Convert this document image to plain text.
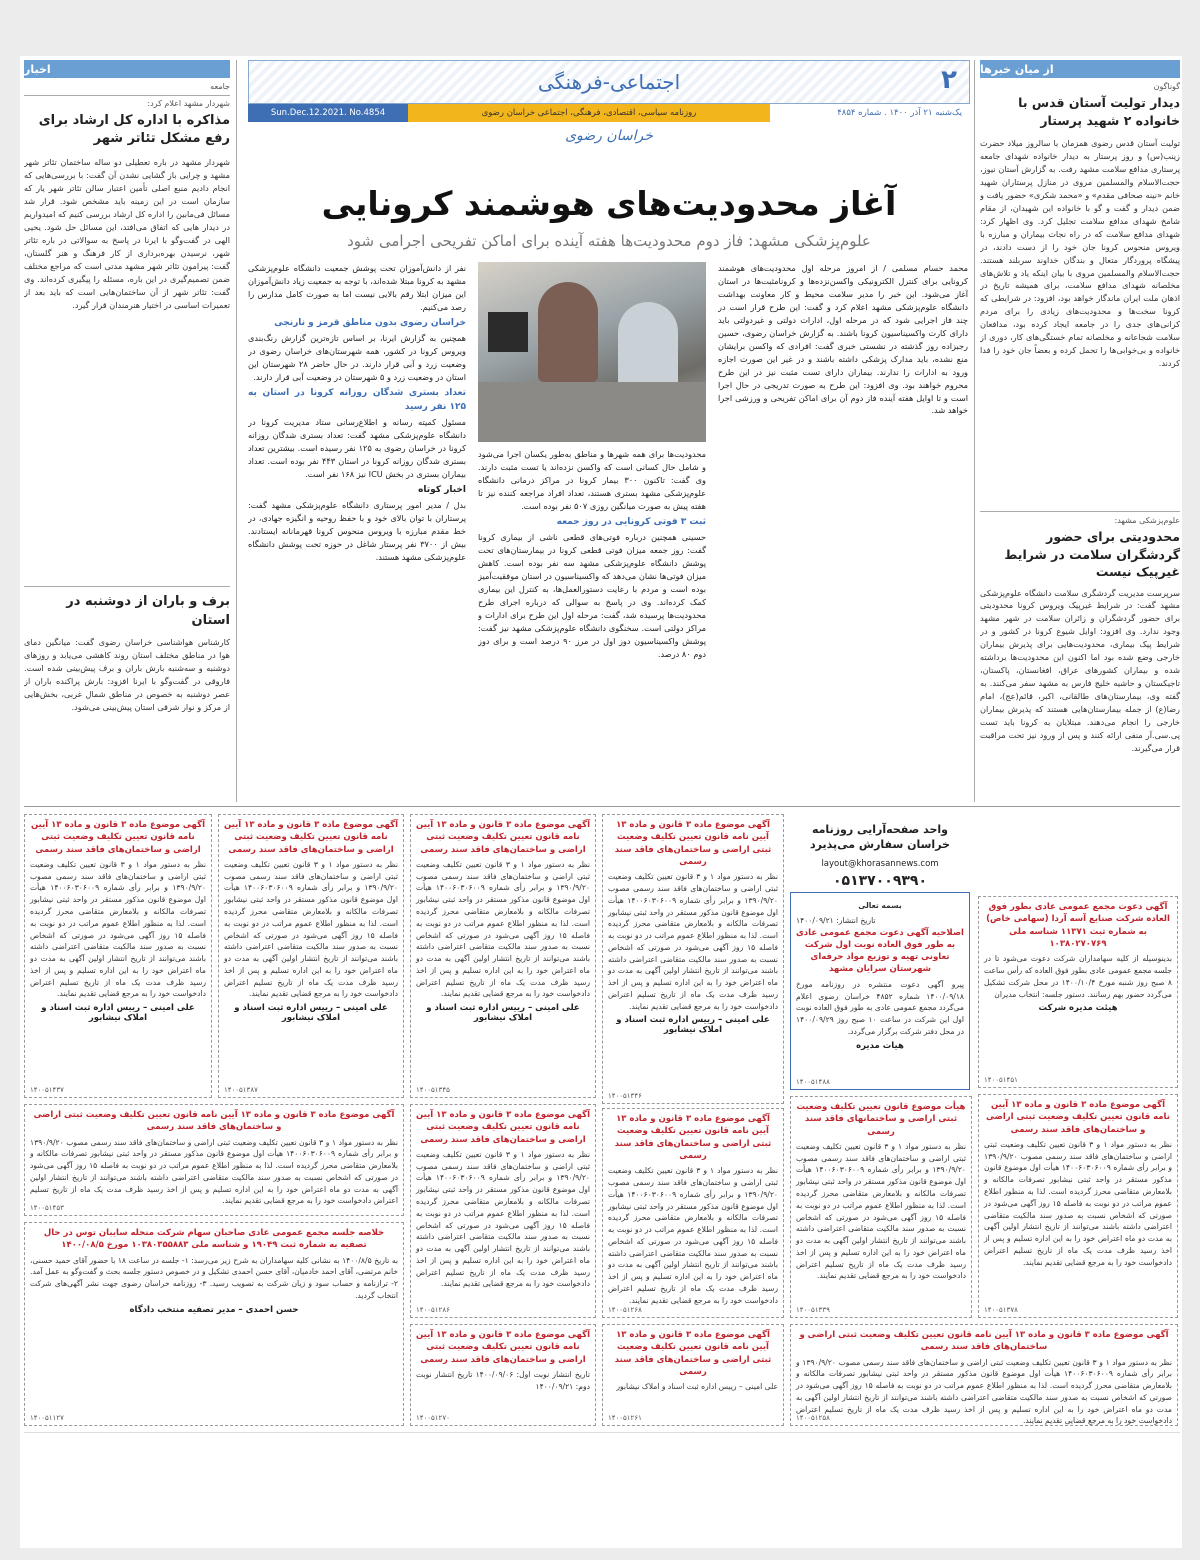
از میان خبرها
گوناگون
دیدار تولیت آستان قدس با خانواده ۲ شهید پرستار
تولیت آستان قدس رضوی همزمان با سالروز میلاد حضرت زینب(س) و روز پرستار به دیدار خانواده شهدای جامعه پرستاری مدافع سلامت مشهد رفت. به گزارش آستان نیوز، حجت‌الاسلام والمسلمین مروی در منازل پرستاران شهید خانم «نینه صحافی مقدم» و «محمد شکری» حضور یافت و ضمن دیدار و گفت و گو با خانواده این شهیدان، از مقام شامخ شهدای مدافع سلامت تجلیل کرد. وی اظهار کرد: شهدای مدافع سلامت که در راه نجات بیماران و مبارزه با ویروس منحوس کرونا جان خود را از دست دادند، در پیشگاه پروردگار متعال و بندگان خداوند سربلند هستند. حجت‌الاسلام والمسلمین مروی با بیان اینکه یاد و تلاش‌های مخلصانه شهدای مدافع سلامت، برای همیشه تاریخ در اذهان ملت ایران ماندگار خواهد بود، افزود: در شرایطی که کرونا سخت‌ها و محدودیت‌های زیادی را برای مردم کرانی‌های جدی را در جامعه ایجاد کرده بود، مدافعان سلامت شجاعانه و مخلصانه تمام خستگی‌های کار، دوری از خانواده و بی‌خوابی‌ها را تحمل کرده و بعضاً جان خود را فدا کردند.
علوم‌پزشکی مشهد:
محدودیتی برای حضور گردشگران سلامت در شرایط غیرپیک نیست
سرپرست مدیریت گردشگری سلامت دانشگاه علوم‌پزشکی مشهد گفت: در شرایط غیرپیک ویروس کرونا محدودیتی برای حضور گردشگران و زائران سلامت در شهر مشهد وجود ندارد. وی افزود: اوایل شیوع کرونا در کشور و در شرایط پیک بیماری، محدودیت‌هایی برای پذیرش بیماران خارجی وضع شده بود اما اکنون این محدودیت‌ها برداشته شده و بیماران کشورهای عراق، افغانستان، پاکستان، تاجیکستان و حاشیه خلیج فارس به مشهد سفر می‌کنند. به گفته وی، بیمارستان‌های طالقانی، اکبر، قائم(عج)، امام رضا(ع) از جمله بیمارستان‌هایی هستند که پذیرش بیماران خارجی را انجام می‌دهند. مبتلایان به کرونا باید تست پی.سی.آر منفی ارائه کنند و پس از ورود نیز تحت مراقبت قرار می‌گیرند.
۲
اجتماعی-فرهنگی
یک‌شنبه ۲۱ آذر ۱۴۰۰ . شماره ۴۸۵۴
روزنامه سیاسی، اقتصادی، فرهنگی، اجتماعی خراسان رضوی
Sun.Dec.12.2021. No.4854
خراسان رضوی
آغاز محدودیت‌های هوشمند کرونایی
علوم‌پزشکی مشهد: فاز دوم محدودیت‌ها هفته آینده برای اماکن تفریحی اجرامی شود
محمد حسام مسلمی / از امروز مرحله اول محدودیت‌های هوشمند کرونایی برای کنترل الکترونیکی واکسن‌نزده‌ها و کرونامثبت‌ها در استان آغاز می‌شود. این خبر را مدیر سلامت محیط و کار معاونت بهداشت دانشگاه علوم‌پزشکی مشهد اعلام کرد و گفت: این طرح قرار است در چند فاز اجرایی شود که در مرحله اول، ادارات دولتی و غیردولتی باید دارای کارت واکسیناسیون کرونا باشند. به گزارش خراسان رضوی، حسین رجبزاده روز گذشته در نشستی خبری گفت: افرادی که واکسن برایشان منع نشده، باید مدارک پزشکی داشته باشند و در غیر این صورت اجازه ورود به ادارات را ندارند. بیماران دارای تست مثبت نیز در این طرح محروم خواهند بود. وی افزود: این طرح به صورت تدریجی در حال اجرا است و تا اوایل هفته آینده فاز دوم آن برای اماکن تفریحی و ورزشی اجرا خواهد شد.
محدودیت‌ها برای همه شهرها و مناطق به‌طور یکسان اجرا می‌شود و شامل حال کسانی است که واکسن نزده‌اند یا تست مثبت دارند. وی گفت: تاکنون ۳۰۰ بیمار کرونا در مراکز درمانی دانشگاه علوم‌پزشکی مشهد بستری هستند، تعداد افراد مراجعه کننده نیز تا هفته پیش به صورت میانگین روزی ۵۰۷ نفر بوده است.
ثبت ۳ فوتی کرونایی در روز جمعه
حسینی همچنین درباره فوتی‌های قطعی ناشی از بیماری کرونا گفت: روز جمعه میزان فوتی قطعی کرونا در بیمارستان‌های تحت پوشش دانشگاه علوم‌پزشکی مشهد سه نفر بوده است. کاهش میزان فوتی‌ها نشان می‌دهد که واکسیناسیون در استان موفقیت‌آمیز بوده است و مردم با رعایت دستورالعمل‌ها، به کنترل این بیماری کمک کرده‌اند. وی در پاسخ به سوالی که درباره اجرای طرح محدودیت‌ها پرسیده شد، گفت: مرحله اول این طرح برای ادارات و مراکز دولتی است. سخنگوی دانشگاه علوم‌پزشکی مشهد نیز گفت: پوشش واکسیناسیون دوز اول در مرز ۹۰ درصد است و برای دوز دوم ۸۰ درصد.
نفر از دانش‌آموزان تحت پوشش جمعیت دانشگاه علوم‌پزشکی مشهد به کرونا مبتلا شده‌اند، با توجه به جمعیت زیاد دانش‌آموزان این میزان ابتلا رقم بالایی نیست اما به صورت کامل مدارس را رصد می‌کنیم.
خراسان رضوی بدون مناطق قرمز و نارنجی
همچنین به گزارش ایرنا، بر اساس تازه‌ترین گزارش رنگ‌بندی ویروس کرونا در کشور، همه شهرستان‌های خراسان رضوی در وضعیت زرد و آبی قرار دارند. در حال حاضر ۲۸ شهرستان این استان در وضعیت زرد و ۵ شهرستان در وضعیت آبی قرار دارند.
تعداد بستری شدگان روزانه کرونا در استان به ۱۲۵ نفر رسید
مسئول کمیته رسانه و اطلاع‌رسانی ستاد مدیریت کرونا در دانشگاه علوم‌پزشکی مشهد گفت: تعداد بستری شدگان روزانه کرونا در خراسان رضوی به ۱۲۵ نفر رسیده است. بیشترین تعداد بستری شدگان روزانه کرونا در استان ۴۴۳ نفر بوده است. تعداد بیماران بستری در بخش ICU نیز ۱۶۸ نفر است.
اخبار کوتاه
بدل / مدیر امور پرستاری دانشگاه علوم‌پزشکی مشهد گفت: پرستاران با توان بالای خود و با حفظ روحیه و انگیزه جهادی، در خط مقدم مبارزه با ویروس منحوس کرونا قهرمانانه ایستادند. بیش از ۳۷۰۰ نفر پرستار شاغل در حوزه تحت پوشش دانشگاه علوم‌پزشکی مشهد هستند.
اخبار
جامعه
شهردار مشهد اعلام کرد:
مذاکره با اداره کل ارشاد برای رفع مشکل تئاتر شهر
شهردار مشهد در باره تعطیلی دو ساله ساختمان تئاتر شهر مشهد و چرایی باز گشایی نشدن آن گفت: با بررسی‌هایی که انجام دادیم منبع اصلی تأمین اعتبار سالن تئاتر شهر یار که سازمان است در این زمینه باید مشخص شود. قرار شد مسائل فی‌مابین را اداره کل ارشاد بررسی کنیم که امیدواریم در دیدار هایی که اتفاق می‌افتد، این مسائل حل شود. یحیی الهی در گفت‌وگو با ایرنا در پاسخ به سوالاتی در باره تئاتر شهر، نرسیدن بهره‌برداری از کار فرهنگ و هنر گلستان، گفت: پیرامون تئاتر شهر مشهد مدتی است که مراجع مختلف ضمن تصمیم‌گیری در این باره، مسئله را پیگیری کرده‌اند. وی گفت: تئاتر شهر از آن ساختمان‌هایی است که باید بعد از تعمیرات اساسی در اختیار هنرمندان قرار گیرد.
برف و باران از دوشنبه در استان
کارشناس هواشناسی خراسان رضوی گفت: میانگین دمای هوا در مناطق مختلف استان روند کاهشی می‌یابد و روزهای دوشنبه و سه‌شنبه بارش باران و برف پیش‌بینی شده است. فاروقی در گفت‌وگو با ایرنا افزود: بارش پراکنده باران از عصر دوشنبه به خصوص در مناطق شمال غربی، بخش‌هایی از مرکز و نوار شرقی استان پیش‌بینی می‌شود.
واحد صفحه‌آرایی روزنامه خراسان سفارش می‌پذیرد
layout@khorasannews.com
۰۵۱۳۷۰۰۹۳۹۰
آگهی موضوع ماده ۳ قانون و ماده ۱۳ آیین نامه قانون تعیین تکلیف وضعیت ثبتی اراضی و ساختمان‌های فاقد سند رسمی
نظر به دستور مواد ۱ و ۳ قانون تعیین تکلیف وضعیت ثبتی اراضی و ساختمان‌های فاقد سند رسمی مصوب ۱۳۹۰/۹/۲۰ و برابر رأی شماره ۱۴۰۰۶۰۳۰۶۰۰۹ هیأت اول موضوع قانون مذکور مستقر در واحد ثبتی نیشابور تصرفات مالکانه و بلامعارض متقاضی محرز گردیده است. لذا به منظور اطلاع عموم مراتب در دو نوبت به فاصله ۱۵ روز آگهی می‌شود در صورتی که اشخاص نسبت به صدور سند مالکیت متقاضی اعتراضی داشته باشند می‌توانند از تاریخ انتشار اولین آگهی به مدت دو ماه اعتراض خود را به این اداره تسلیم و پس از اخذ رسید ظرف مدت یک ماه از تاریخ تسلیم اعتراض دادخواست خود را به مرجع قضایی تقدیم نمایند.
علی امینی – رییس اداره ثبت اسناد و املاک نیشابور
۱۴۰۰۵۱۴۳۷
آگهی موضوع ماده ۳ قانون و ماده ۱۳ آیین نامه قانون تعیین تکلیف وضعیت ثبتی اراضی و ساختمان‌های فاقد سند رسمی
نظر به دستور مواد ۱ و ۳ قانون تعیین تکلیف وضعیت ثبتی اراضی و ساختمان‌های فاقد سند رسمی مصوب ۱۳۹۰/۹/۲۰ و برابر رأی شماره ۱۴۰۰۶۰۳۰۶۰۰۹ هیأت اول موضوع قانون مذکور مستقر در واحد ثبتی نیشابور تصرفات مالکانه و بلامعارض متقاضی محرز گردیده است. لذا به منظور اطلاع عموم مراتب در دو نوبت به فاصله ۱۵ روز آگهی می‌شود در صورتی که اشخاص نسبت به صدور سند مالکیت متقاضی اعتراضی داشته باشند می‌توانند از تاریخ انتشار اولین آگهی به مدت دو ماه اعتراض خود را به این اداره تسلیم و پس از اخذ رسید ظرف مدت یک ماه از تاریخ تسلیم اعتراض دادخواست خود را به مرجع قضایی تقدیم نمایند.
علی امینی – رییس اداره ثبت اسناد و املاک نیشابور
۱۴۰۰۵۱۳۸۷
آگهی موضوع ماده ۳ قانون و ماده ۱۳ آیین نامه قانون تعیین تکلیف وضعیت ثبتی اراضی و ساختمان‌های فاقد سند رسمی
نظر به دستور مواد ۱ و ۳ قانون تعیین تکلیف وضعیت ثبتی اراضی و ساختمان‌های فاقد سند رسمی مصوب ۱۳۹۰/۹/۲۰ و برابر رأی شماره ۱۴۰۰۶۰۳۰۶۰۰۹ هیأت اول موضوع قانون مذکور مستقر در واحد ثبتی نیشابور تصرفات مالکانه و بلامعارض متقاضی محرز گردیده است. لذا به منظور اطلاع عموم مراتب در دو نوبت به فاصله ۱۵ روز آگهی می‌شود در صورتی که اشخاص نسبت به صدور سند مالکیت متقاضی اعتراضی داشته باشند می‌توانند از تاریخ انتشار اولین آگهی به مدت دو ماه اعتراض خود را به این اداره تسلیم و پس از اخذ رسید ظرف مدت یک ماه از تاریخ تسلیم اعتراض دادخواست خود را به مرجع قضایی تقدیم نمایند.
علی امینی – رییس اداره ثبت اسناد و املاک نیشابور
۱۴۰۰۵۱۳۴۵
آگهی موضوع ماده ۳ قانون و ماده ۱۳ آیین نامه قانون تعیین تکلیف وضعیت ثبتی اراضی و ساختمان‌های فاقد سند رسمی
نظر به دستور مواد ۱ و ۳ قانون تعیین تکلیف وضعیت ثبتی اراضی و ساختمان‌های فاقد سند رسمی مصوب ۱۳۹۰/۹/۲۰ و برابر رأی شماره ۱۴۰۰۶۰۳۰۶۰۰۹ هیأت اول موضوع قانون مذکور مستقر در واحد ثبتی نیشابور تصرفات مالکانه و بلامعارض متقاضی محرز گردیده است. لذا به منظور اطلاع عموم مراتب در دو نوبت به فاصله ۱۵ روز آگهی می‌شود در صورتی که اشخاص نسبت به صدور سند مالکیت متقاضی اعتراضی داشته باشند می‌توانند از تاریخ انتشار اولین آگهی به مدت دو ماه اعتراض خود را به این اداره تسلیم و پس از اخذ رسید ظرف مدت یک ماه از تاریخ تسلیم اعتراض دادخواست خود را به مرجع قضایی تقدیم نمایند.
علی امینی – رییس اداره ثبت اسناد و املاک نیشابور
۱۴۰۰۵۱۳۴۶
بسمه تعالی
تاریخ انتشار: ۱۴۰۰/۰۹/۲۱
اصلاحیه آگهی دعوت مجمع عمومی عادی به طور فوق العاده نوبت اول شرکت تعاونی تهیه و توزیع مواد حرفه‌ای شهرستان سرایان مشهد
پیرو آگهی دعوت منتشره در روزنامه مورخ ۱۴۰۰/۰۹/۱۸ شماره ۴۸۵۲ خراسان رضوی اعلام می‌گردد مجمع عمومی عادی به طور فوق العاده نوبت اول این شرکت در ساعت ۱۰ صبح روز ۱۴۰۰/۰۹/۲۹ در محل دفتر شرکت برگزار می‌گردد.
هیات مدیره
۱۴۰۰۵۱۴۸۸
آگهی دعوت مجمع عمومی عادی بطور فوق العاده شرکت صنایع آسه آردا (سهامی خاص) به شماره ثبت ۱۱۳۷۱ شناسه ملی ۱۰۳۸۰۲۷۰۷۶۹
بدینوسیله از کلیه سهامداران شرکت دعوت می‌شود تا در جلسه مجمع عمومی عادی بطور فوق العاده که رأس ساعت ۸ صبح روز شنبه مورخ ۱۴۰۰/۱۰/۴ در محل شرکت تشکیل می‌گردد حضور بهم رسانند. دستور جلسه: انتخاب مدیران
هیئت مدیره شرکت
۱۴۰۰۵۱۴۵۱
آگهی موضوع ماده ۳ قانون و ماده ۱۳ آیین نامه قانون تعیین تکلیف وضعیت ثبتی اراضی و ساختمان‌های فاقد سند رسمی
نظر به دستور مواد ۱ و ۳ قانون تعیین تکلیف وضعیت ثبتی اراضی و ساختمان‌های فاقد سند رسمی مصوب ۱۳۹۰/۹/۲۰ و برابر رأی شماره ۱۴۰۰۶۰۳۰۶۰۰۹ هیأت اول موضوع قانون مذکور مستقر در واحد ثبتی نیشابور تصرفات مالکانه و بلامعارض متقاضی محرز گردیده است. لذا به منظور اطلاع عموم مراتب در دو نوبت به فاصله ۱۵ روز آگهی می‌شود در صورتی که اشخاص نسبت به صدور سند مالکیت متقاضی اعتراضی داشته باشند می‌توانند از تاریخ انتشار اولین آگهی به مدت دو ماه اعتراض خود را به این اداره تسلیم و پس از اخذ رسید ظرف مدت یک ماه از تاریخ تسلیم اعتراض دادخواست خود را به مرجع قضایی تقدیم نمایند.
۱۴۰۰۵۱۳۷۸
هیأت موضوع قانون تعیین تکلیف وضعیت ثبتی اراضی و ساختمانهای فاقد سند رسمی
نظر به دستور مواد ۱ و ۳ قانون تعیین تکلیف وضعیت ثبتی اراضی و ساختمان‌های فاقد سند رسمی مصوب ۱۳۹۰/۹/۲۰ و برابر رأی شماره ۱۴۰۰۶۰۳۰۶۰۰۹ هیأت اول موضوع قانون مذکور مستقر در واحد ثبتی نیشابور تصرفات مالکانه و بلامعارض متقاضی محرز گردیده است. لذا به منظور اطلاع عموم مراتب در دو نوبت به فاصله ۱۵ روز آگهی می‌شود در صورتی که اشخاص نسبت به صدور سند مالکیت متقاضی اعتراضی داشته باشند می‌توانند از تاریخ انتشار اولین آگهی به مدت دو ماه اعتراض خود را به این اداره تسلیم و پس از اخذ رسید ظرف مدت یک ماه از تاریخ تسلیم اعتراض دادخواست خود را به مرجع قضایی تقدیم نمایند.
۱۴۰۰۵۱۳۳۹
آگهی موضوع ماده ۳ قانون و ماده ۱۳ آیین نامه قانون تعیین تکلیف وضعیت ثبتی اراضی و ساختمان‌های فاقد سند رسمی
نظر به دستور مواد ۱ و ۳ قانون تعیین تکلیف وضعیت ثبتی اراضی و ساختمان‌های فاقد سند رسمی مصوب ۱۳۹۰/۹/۲۰ و برابر رأی شماره ۱۴۰۰۶۰۳۰۶۰۰۹ هیأت اول موضوع قانون مذکور مستقر در واحد ثبتی نیشابور تصرفات مالکانه و بلامعارض متقاضی محرز گردیده است. لذا به منظور اطلاع عموم مراتب در دو نوبت به فاصله ۱۵ روز آگهی می‌شود در صورتی که اشخاص نسبت به صدور سند مالکیت متقاضی اعتراضی داشته باشند می‌توانند از تاریخ انتشار اولین آگهی به مدت دو ماه اعتراض خود را به این اداره تسلیم و پس از اخذ رسید ظرف مدت یک ماه از تاریخ تسلیم اعتراض دادخواست خود را به مرجع قضایی تقدیم نمایند.
۱۴۰۰۵۱۲۶۸
آگهی موضوع ماده ۳ قانون و ماده ۱۳ آیین نامه قانون تعیین تکلیف وضعیت ثبتی اراضی و ساختمان‌های فاقد سند رسمی
نظر به دستور مواد ۱ و ۳ قانون تعیین تکلیف وضعیت ثبتی اراضی و ساختمان‌های فاقد سند رسمی مصوب ۱۳۹۰/۹/۲۰ و برابر رأی شماره ۱۴۰۰۶۰۳۰۶۰۰۹ هیأت اول موضوع قانون مذکور مستقر در واحد ثبتی نیشابور تصرفات مالکانه و بلامعارض متقاضی محرز گردیده است. لذا به منظور اطلاع عموم مراتب در دو نوبت به فاصله ۱۵ روز آگهی می‌شود در صورتی که اشخاص نسبت به صدور سند مالکیت متقاضی اعتراضی داشته باشند می‌توانند از تاریخ انتشار اولین آگهی به مدت دو ماه اعتراض خود را به این اداره تسلیم و پس از اخذ رسید ظرف مدت یک ماه از تاریخ تسلیم اعتراض دادخواست خود را به مرجع قضایی تقدیم نمایند.
۱۴۰۰۵۱۲۸۶
آگهی موضوع ماده ۳ قانون و ماده ۱۳ آیین نامه قانون تعیین تکلیف وضعیت ثبتی اراضی و ساختمان‌های فاقد سند رسمی
نظر به دستور مواد ۱ و ۳ قانون تعیین تکلیف وضعیت ثبتی اراضی و ساختمان‌های فاقد سند رسمی مصوب ۱۳۹۰/۹/۲۰ و برابر رأی شماره ۱۴۰۰۶۰۳۰۶۰۰۹ هیأت اول موضوع قانون مذکور مستقر در واحد ثبتی نیشابور تصرفات مالکانه و بلامعارض متقاضی محرز گردیده است. لذا به منظور اطلاع عموم مراتب در دو نوبت به فاصله ۱۵ روز آگهی می‌شود در صورتی که اشخاص نسبت به صدور سند مالکیت متقاضی اعتراضی داشته باشند می‌توانند از تاریخ انتشار اولین آگهی به مدت دو ماه اعتراض خود را به این اداره تسلیم و پس از اخذ رسید ظرف مدت یک ماه از تاریخ تسلیم اعتراض دادخواست خود را به مرجع قضایی تقدیم نمایند.
۱۴۰۰۵۱۴۵۳
خلاصه جلسه مجمع عمومی عادی صاحبان سهام شرکت منحله سایبان توس در حال تصفیه به شماره ثبت ۱۹۰۴۹ و شناسه ملی ۱۰۳۸۰۳۵۵۸۸۳ مورخ ۱۴۰۰/۰۸/۵
به تاریخ ۱۴۰۰/۸/۵ به نشانی کلیه سهامداران به شرح زیر می‌رسد: ۱- جلسه در ساعت ۱۸ با حضور آقای حمید حسنی، خانم مرتضی، آقای احمد خادمیان، آقای حسن احمدی تشکیل و در خصوص دستور جلسه بحث و گفت‌وگو به عمل آمد. ۲- ترازنامه و حساب سود و زیان شرکت به تصویب رسید. ۳- روزنامه خراسان رضوی جهت نشر آگهی‌های شرکت انتخاب گردید.
حسن احمدی – مدیر تصفیه منتخب دادگاه
۱۴۰۰۵۱۱۲۷
آگهی موضوع ماده ۳ قانون و ماده ۱۳ آیین نامه قانون تعیین تکلیف وضعیت ثبتی اراضی و ساختمان‌های فاقد سند رسمی
تاریخ انتشار نوبت اول: ۱۴۰۰/۰۹/۰۶ تاریخ انتشار نوبت دوم: ۱۴۰۰/۰۹/۲۱
۱۴۰۰۵۱۲۷۰
آگهی موضوع ماده ۳ قانون و ماده ۱۳ آیین نامه قانون تعیین تکلیف وضعیت ثبتی اراضی و ساختمان‌های فاقد سند رسمی
علی امینی – رییس اداره ثبت اسناد و املاک نیشابور
۱۴۰۰۵۱۲۶۱
آگهی موضوع ماده ۳ قانون و ماده ۱۳ آیین نامه قانون تعیین تکلیف وضعیت ثبتی اراضی و ساختمان‌های فاقد سند رسمی
نظر به دستور مواد ۱ و ۳ قانون تعیین تکلیف وضعیت ثبتی اراضی و ساختمان‌های فاقد سند رسمی مصوب ۱۳۹۰/۹/۲۰ و برابر رأی شماره ۱۴۰۰۶۰۳۰۶۰۰۹ هیأت اول موضوع قانون مذکور مستقر در واحد ثبتی نیشابور تصرفات مالکانه و بلامعارض متقاضی محرز گردیده است. لذا به منظور اطلاع عموم مراتب در دو نوبت به فاصله ۱۵ روز آگهی می‌شود در صورتی که اشخاص نسبت به صدور سند مالکیت متقاضی اعتراضی داشته باشند می‌توانند از تاریخ انتشار اولین آگهی به مدت دو ماه اعتراض خود را به این اداره تسلیم و پس از اخذ رسید ظرف مدت یک ماه از تاریخ تسلیم اعتراض دادخواست خود را به مرجع قضایی تقدیم نمایند.
۱۴۰۰۵۱۲۵۸
